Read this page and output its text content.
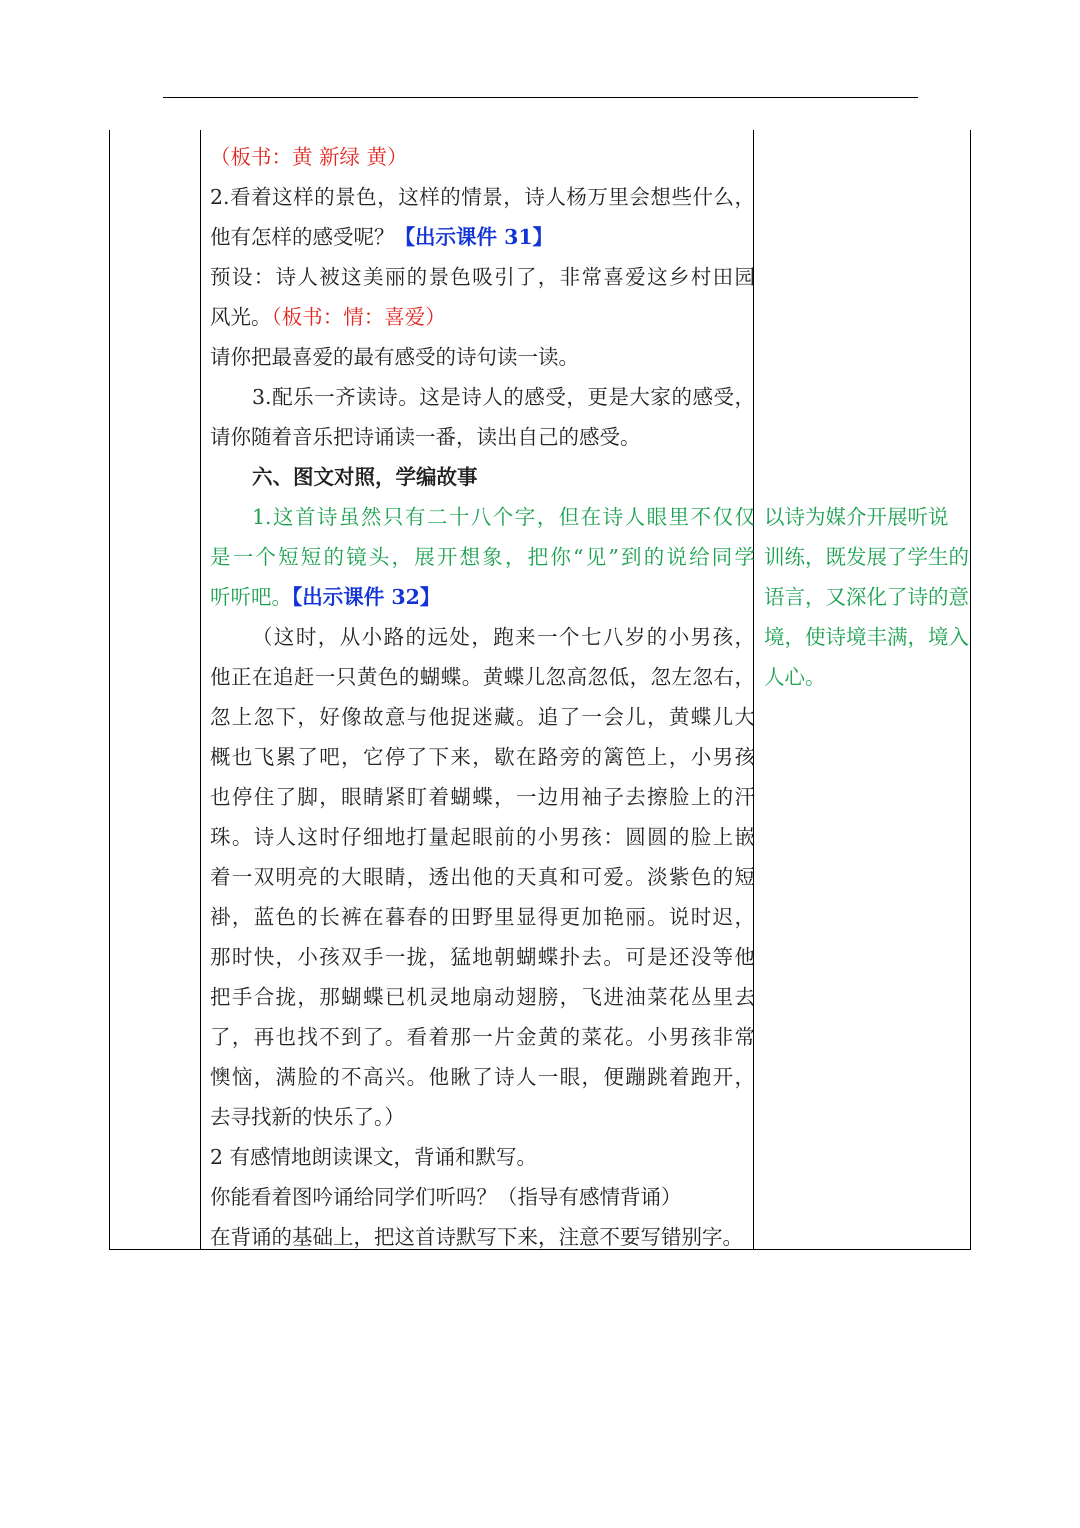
（板书：黄 新绿 黄）
2.看着这样的景色，这样的情景，诗人杨万里会想些什么，
他有怎样的感受呢？【出示课件 31】
预设：诗人被这美丽的景色吸引了，非常喜爱这乡村田园
风光。（板书：情：喜爱）
请你把最喜爱的最有感受的诗句读一读。
3.配乐一齐读诗。这是诗人的感受，更是大家的感受，
请你随着音乐把诗诵读一番，读出自己的感受。
六、图文对照，学编故事
1.这首诗虽然只有二十八个字，但在诗人眼里不仅仅
是一个短短的镜头，展开想象，把你“见”到的说给同学
听听吧。【出示课件 32】
（这时，从小路的远处，跑来一个七八岁的小男孩，
他正在追赶一只黄色的蝴蝶。黄蝶儿忽高忽低，忽左忽右，
忽上忽下，好像故意与他捉迷藏。追了一会儿，黄蝶儿大
概也飞累了吧，它停了下来，歇在路旁的篱笆上，小男孩
也停住了脚，眼睛紧盯着蝴蝶，一边用袖子去擦脸上的汗
珠。诗人这时仔细地打量起眼前的小男孩：圆圆的脸上嵌
着一双明亮的大眼睛，透出他的天真和可爱。淡紫色的短
褂，蓝色的长裤在暮春的田野里显得更加艳丽。说时迟，
那时快，小孩双手一拢，猛地朝蝴蝶扑去。可是还没等他
把手合拢，那蝴蝶已机灵地扇动翅膀，飞进油菜花丛里去
了，再也找不到了。看着那一片金黄的菜花。小男孩非常
懊恼，满脸的不高兴。他瞅了诗人一眼，便蹦跳着跑开，
去寻找新的快乐了。）
2 有感情地朗读课文，背诵和默写。
你能看着图吟诵给同学们听吗？（指导有感情背诵）
在背诵的基础上，把这首诗默写下来，注意不要写错别字。
以诗为媒介开展听说
训练，既发展了学生的
语言，又深化了诗的意
境，使诗境丰满，境入
人心。
